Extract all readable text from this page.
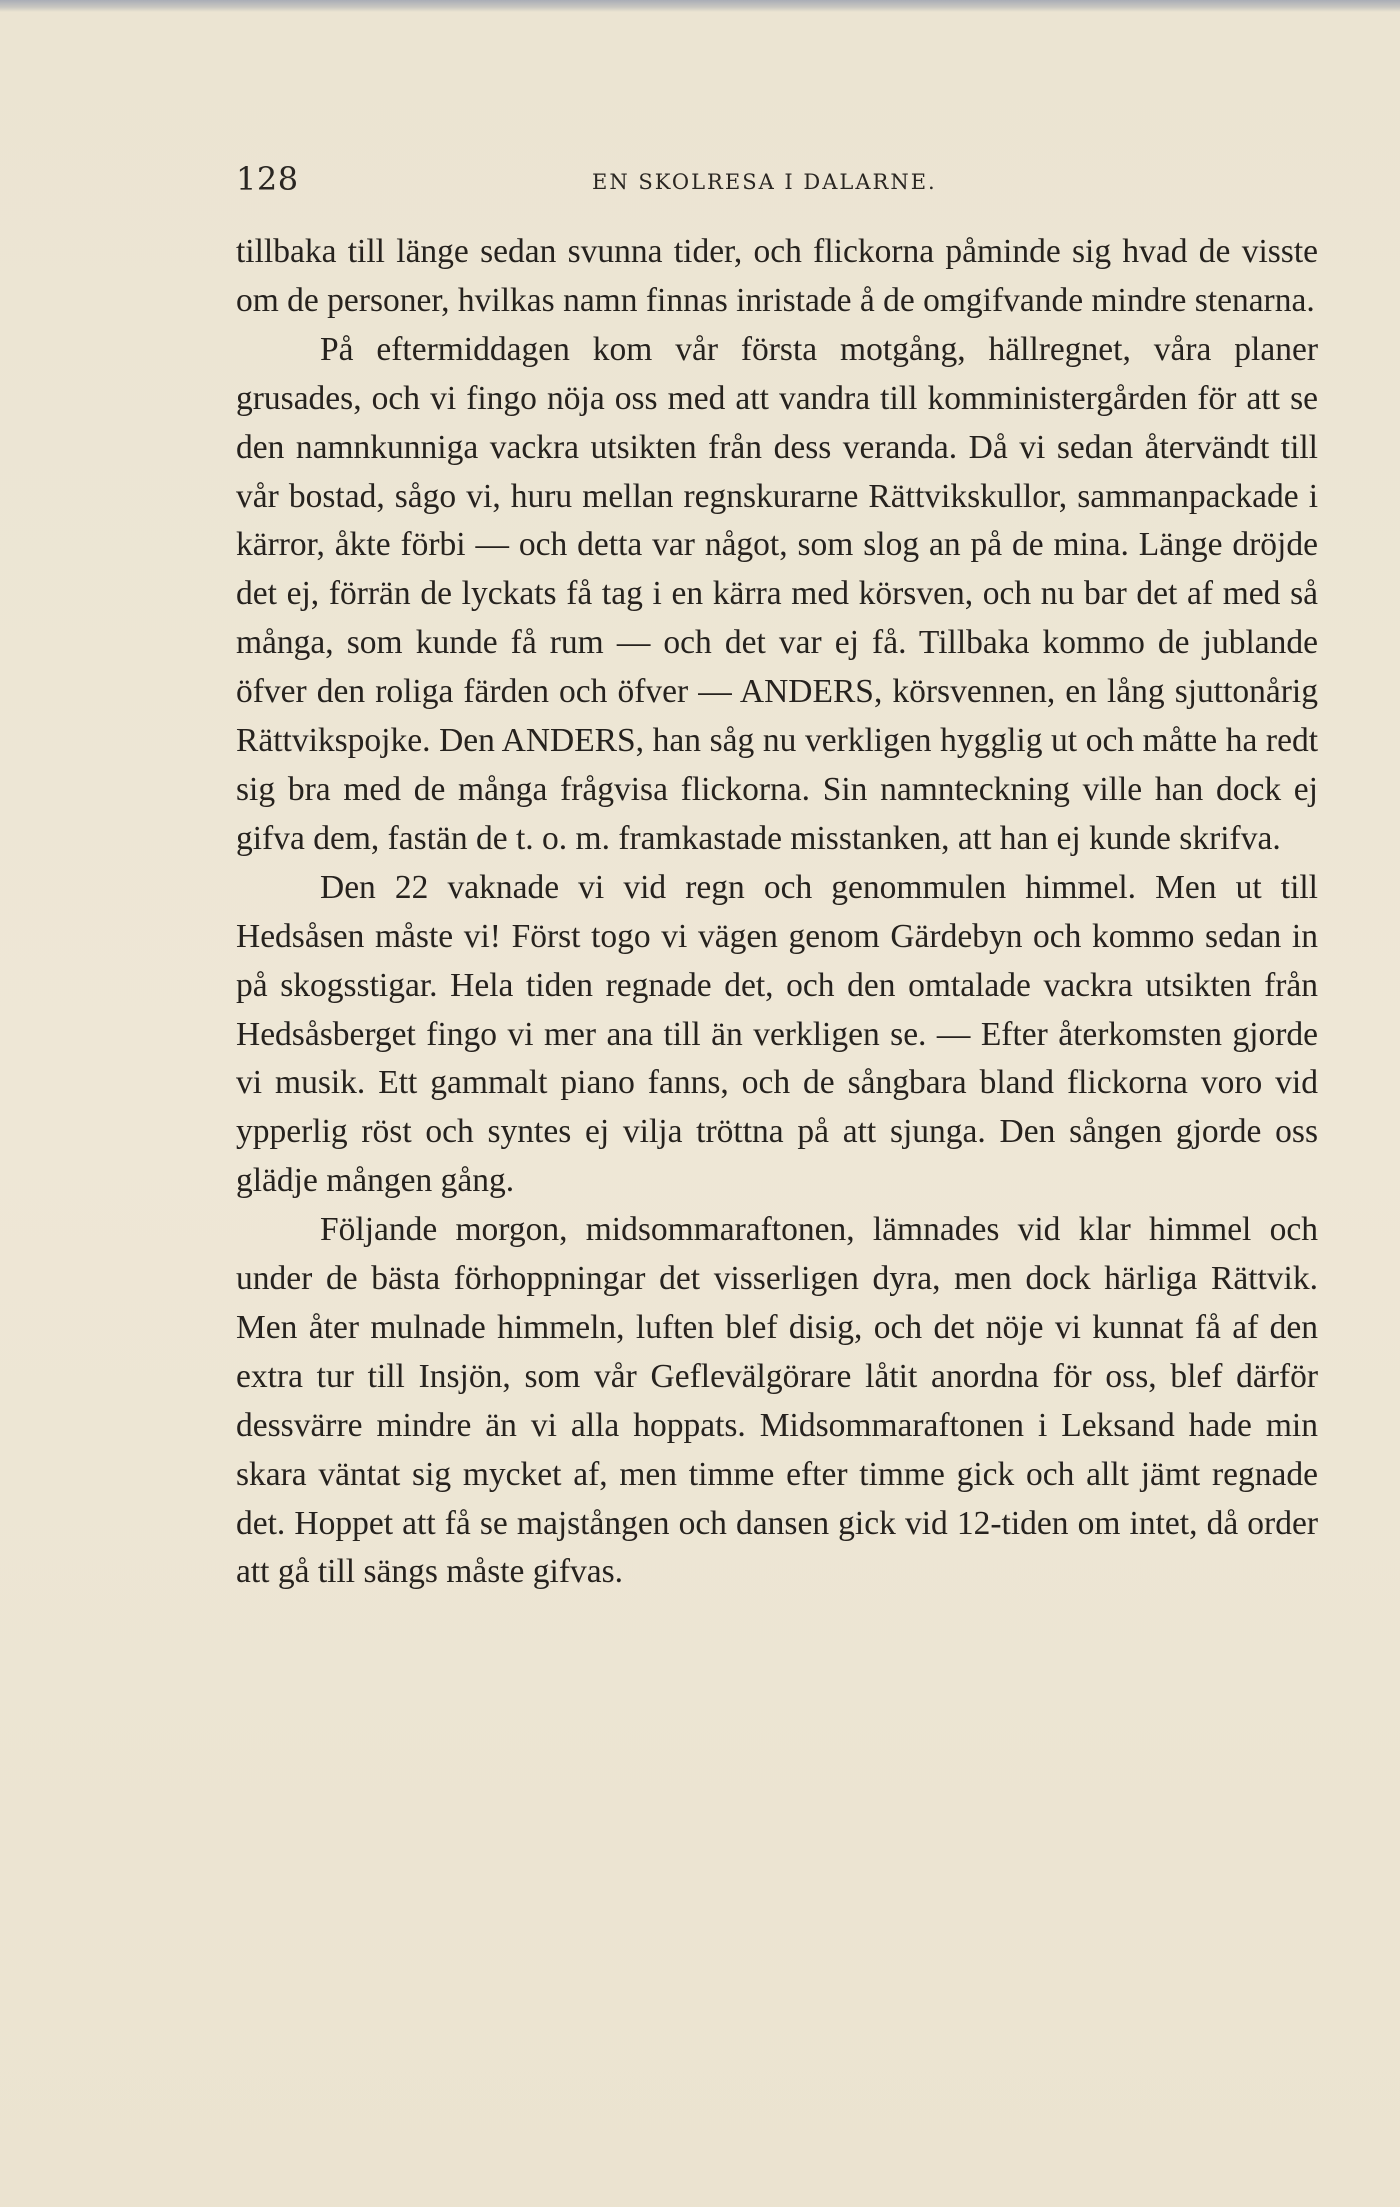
128	EN SKOLRESA I DALARNE.

tillbaka till länge sedan svunna tider, och flickorna påminde sig hvad de visste om de personer, hvilkas namn finnas inristade å de omgifvande mindre stenarna.

På eftermiddagen kom vår första motgång, hällregnet, våra planer grusades, och vi fingo nöja oss med att vandra till komministergården för att se den namnkunniga vackra utsikten från dess veranda. Då vi sedan återvändt till vår bostad, sågo vi, huru mellan regnskurarne Rättvikskullor, sammanpackade i kärror, åkte förbi — och detta var något, som slog an på de mina. Länge dröjde det ej, förrän de lyckats få tag i en kärra med körsven, och nu bar det af med så många, som kunde få rum — och det var ej få. Tillbaka kommo de jublande öfver den roliga färden och öfver — ANDERS, körsvennen, en lång sjuttonårig Rättvikspojke. Den ANDERS, han såg nu verkligen hygglig ut och måtte ha redt sig bra med de många frågvisa flickorna. Sin namnteckning ville han dock ej gifva dem, fastän de t. o. m. framkastade misstanken, att han ej kunde skrifva.

Den 22 vaknade vi vid regn och genommulen himmel. Men ut till Hedsåsen måste vi! Först togo vi vägen genom Gärdebyn och kommo sedan in på skogsstigar. Hela tiden regnade det, och den omtalade vackra utsikten från Hedsåsberget fingo vi mer ana till än verkligen se. — Efter återkomsten gjorde vi musik. Ett gammalt piano fanns, och de sångbara bland flickorna voro vid ypperlig röst och syntes ej vilja tröttna på att sjunga. Den sången gjorde oss glädje mången gång.

Följande morgon, midsommaraftonen, lämnades vid klar himmel och under de bästa förhoppningar det visserligen dyra, men dock härliga Rättvik. Men åter mulnade himmeln, luften blef disig, och det nöje vi kunnat få af den extra tur till Insjön, som vår Geflevälgörare låtit anordna för oss, blef därför dessvärre mindre än vi alla hoppats. Midsommaraftonen i Leksand hade min skara väntat sig mycket af, men timme efter timme gick och allt jämt regnade det. Hoppet att få se majstången och dansen gick vid 12-tiden om intet, då order att gå till sängs måste gifvas.
